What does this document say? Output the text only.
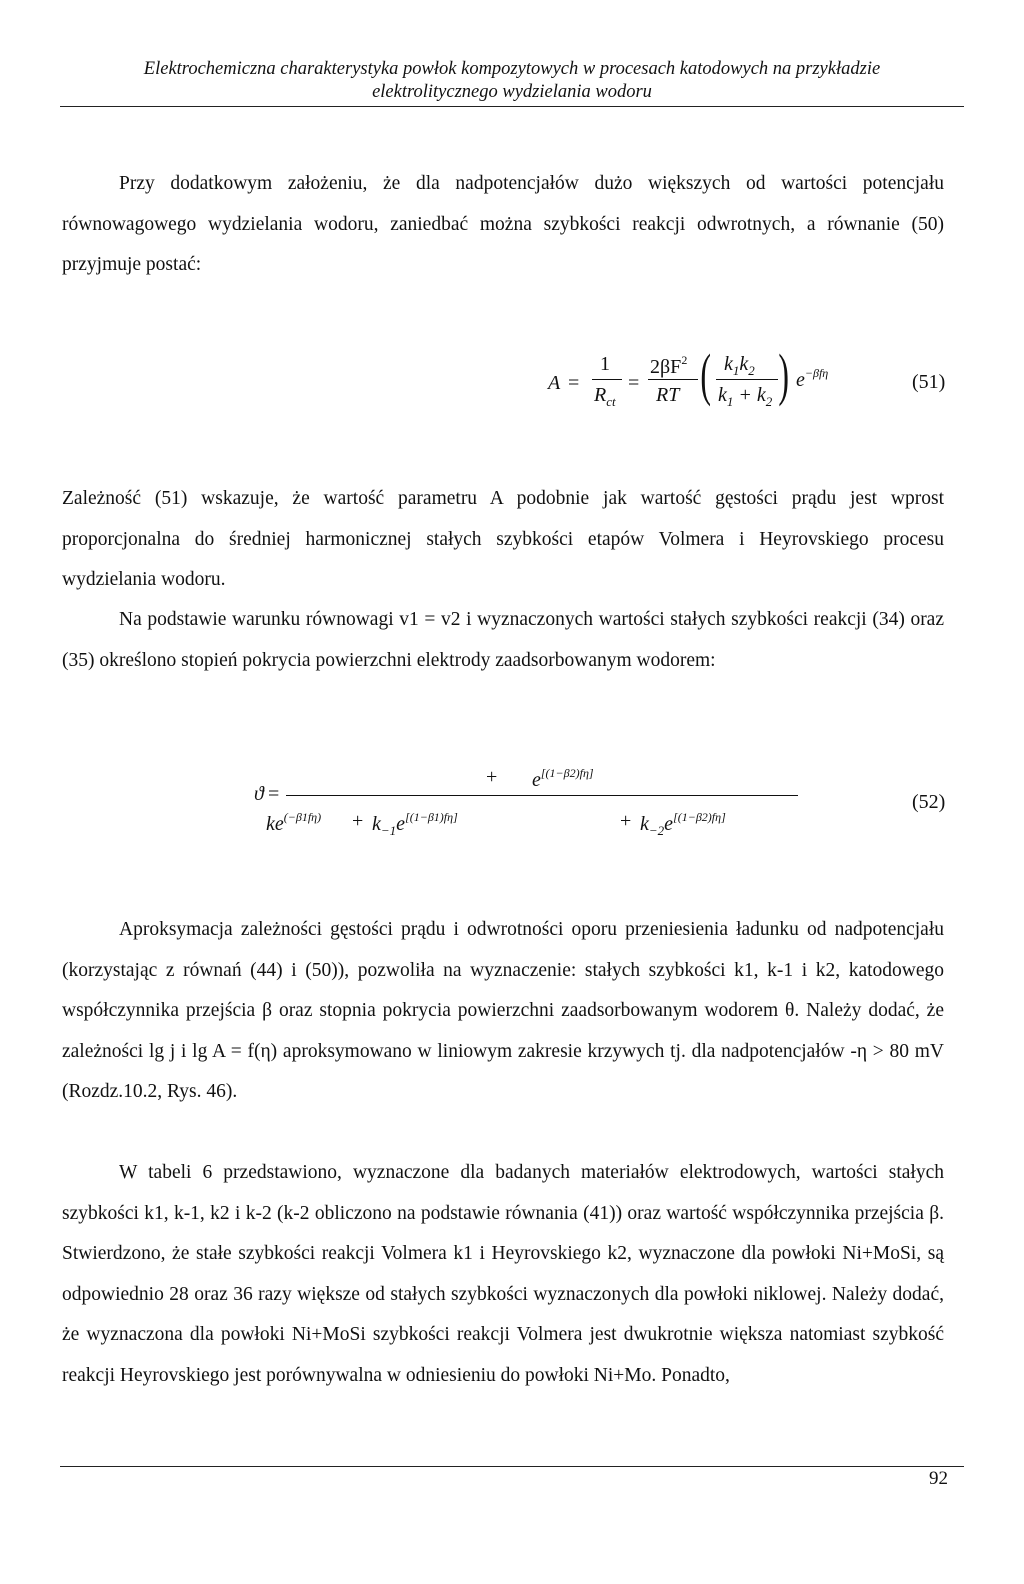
Elektrochemiczna charakterystyka powłok kompozytowych w procesach katodowych na przykładzie
elektrolitycznego wydzielania wodoru
Przy dodatkowym założeniu, że dla nadpotencjałów dużo większych od wartości potencjału równowagowego wydzielania wodoru, zaniedbać można szybkości reakcji odwrotnych, a równanie (50) przyjmuje postać:
A =
1
$R_{ct}$
=
$2\beta F^2$
RT ( $k_1k_2$
$k_1 + k_2$ ) $e^{-\beta f\eta}$	(51)
Zależność (51) wskazuje, że wartość parametru A podobnie jak wartość gęstości prądu jest wprost proporcjonalna do średniej harmonicznej stałych szybkości etapów Volmera i Heyrovskiego procesu wydzielania wodoru.
Na podstawie warunku równowagi v1 = v2 i wyznaczonych wartości stałych szybkości reakcji (34) oraz (35) określono stopień pokrycia powierzchni elektrody zaadsorbowanym wodorem:
ϑ =
+ e[(1−β2)fη]
$ke^{(-\beta 1f\eta)} + k_{-1}e[(1-\beta 1)f\eta]$	+ $k_{-2}e[(1-\beta 2)f\eta]$
(52)
Aproksymacja zależności gęstości prądu i odwrotności oporu przeniesienia ładunku od nadpotencjału (korzystając z równań (44) i (50)), pozwoliła na wyznaczenie: stałych szybkości k1, k-1 i k2, katodowego współczynnika przejścia β oraz stopnia pokrycia powierzchni zaadsorbowanym wodorem θ. Należy dodać, że zależności lg j i lg A = f(η) aproksymowano w liniowym zakresie krzywych tj. dla nadpotencjałów -η > 80 mV (Rozdz.10.2, Rys. 46).
W tabeli 6 przedstawiono, wyznaczone dla badanych materiałów elektrodowych, wartości stałych szybkości k1, k-1, k2 i k-2 (k-2 obliczono na podstawie równania (41)) oraz wartość współczynnika przejścia β. Stwierdzono, że stałe szybkości reakcji Volmera k1 i Heyrovskiego k2, wyznaczone dla powłoki Ni+MoSi, są odpowiednio 28 oraz 36 razy większe od stałych szybkości wyznaczonych dla powłoki niklowej. Należy dodać, że wyznaczona dla powłoki Ni+MoSi szybkości reakcji Volmera jest dwukrotnie większa natomiast szybkość reakcji Heyrovskiego jest porównywalna w odniesieniu do powłoki Ni+Mo. Ponadto,
92
